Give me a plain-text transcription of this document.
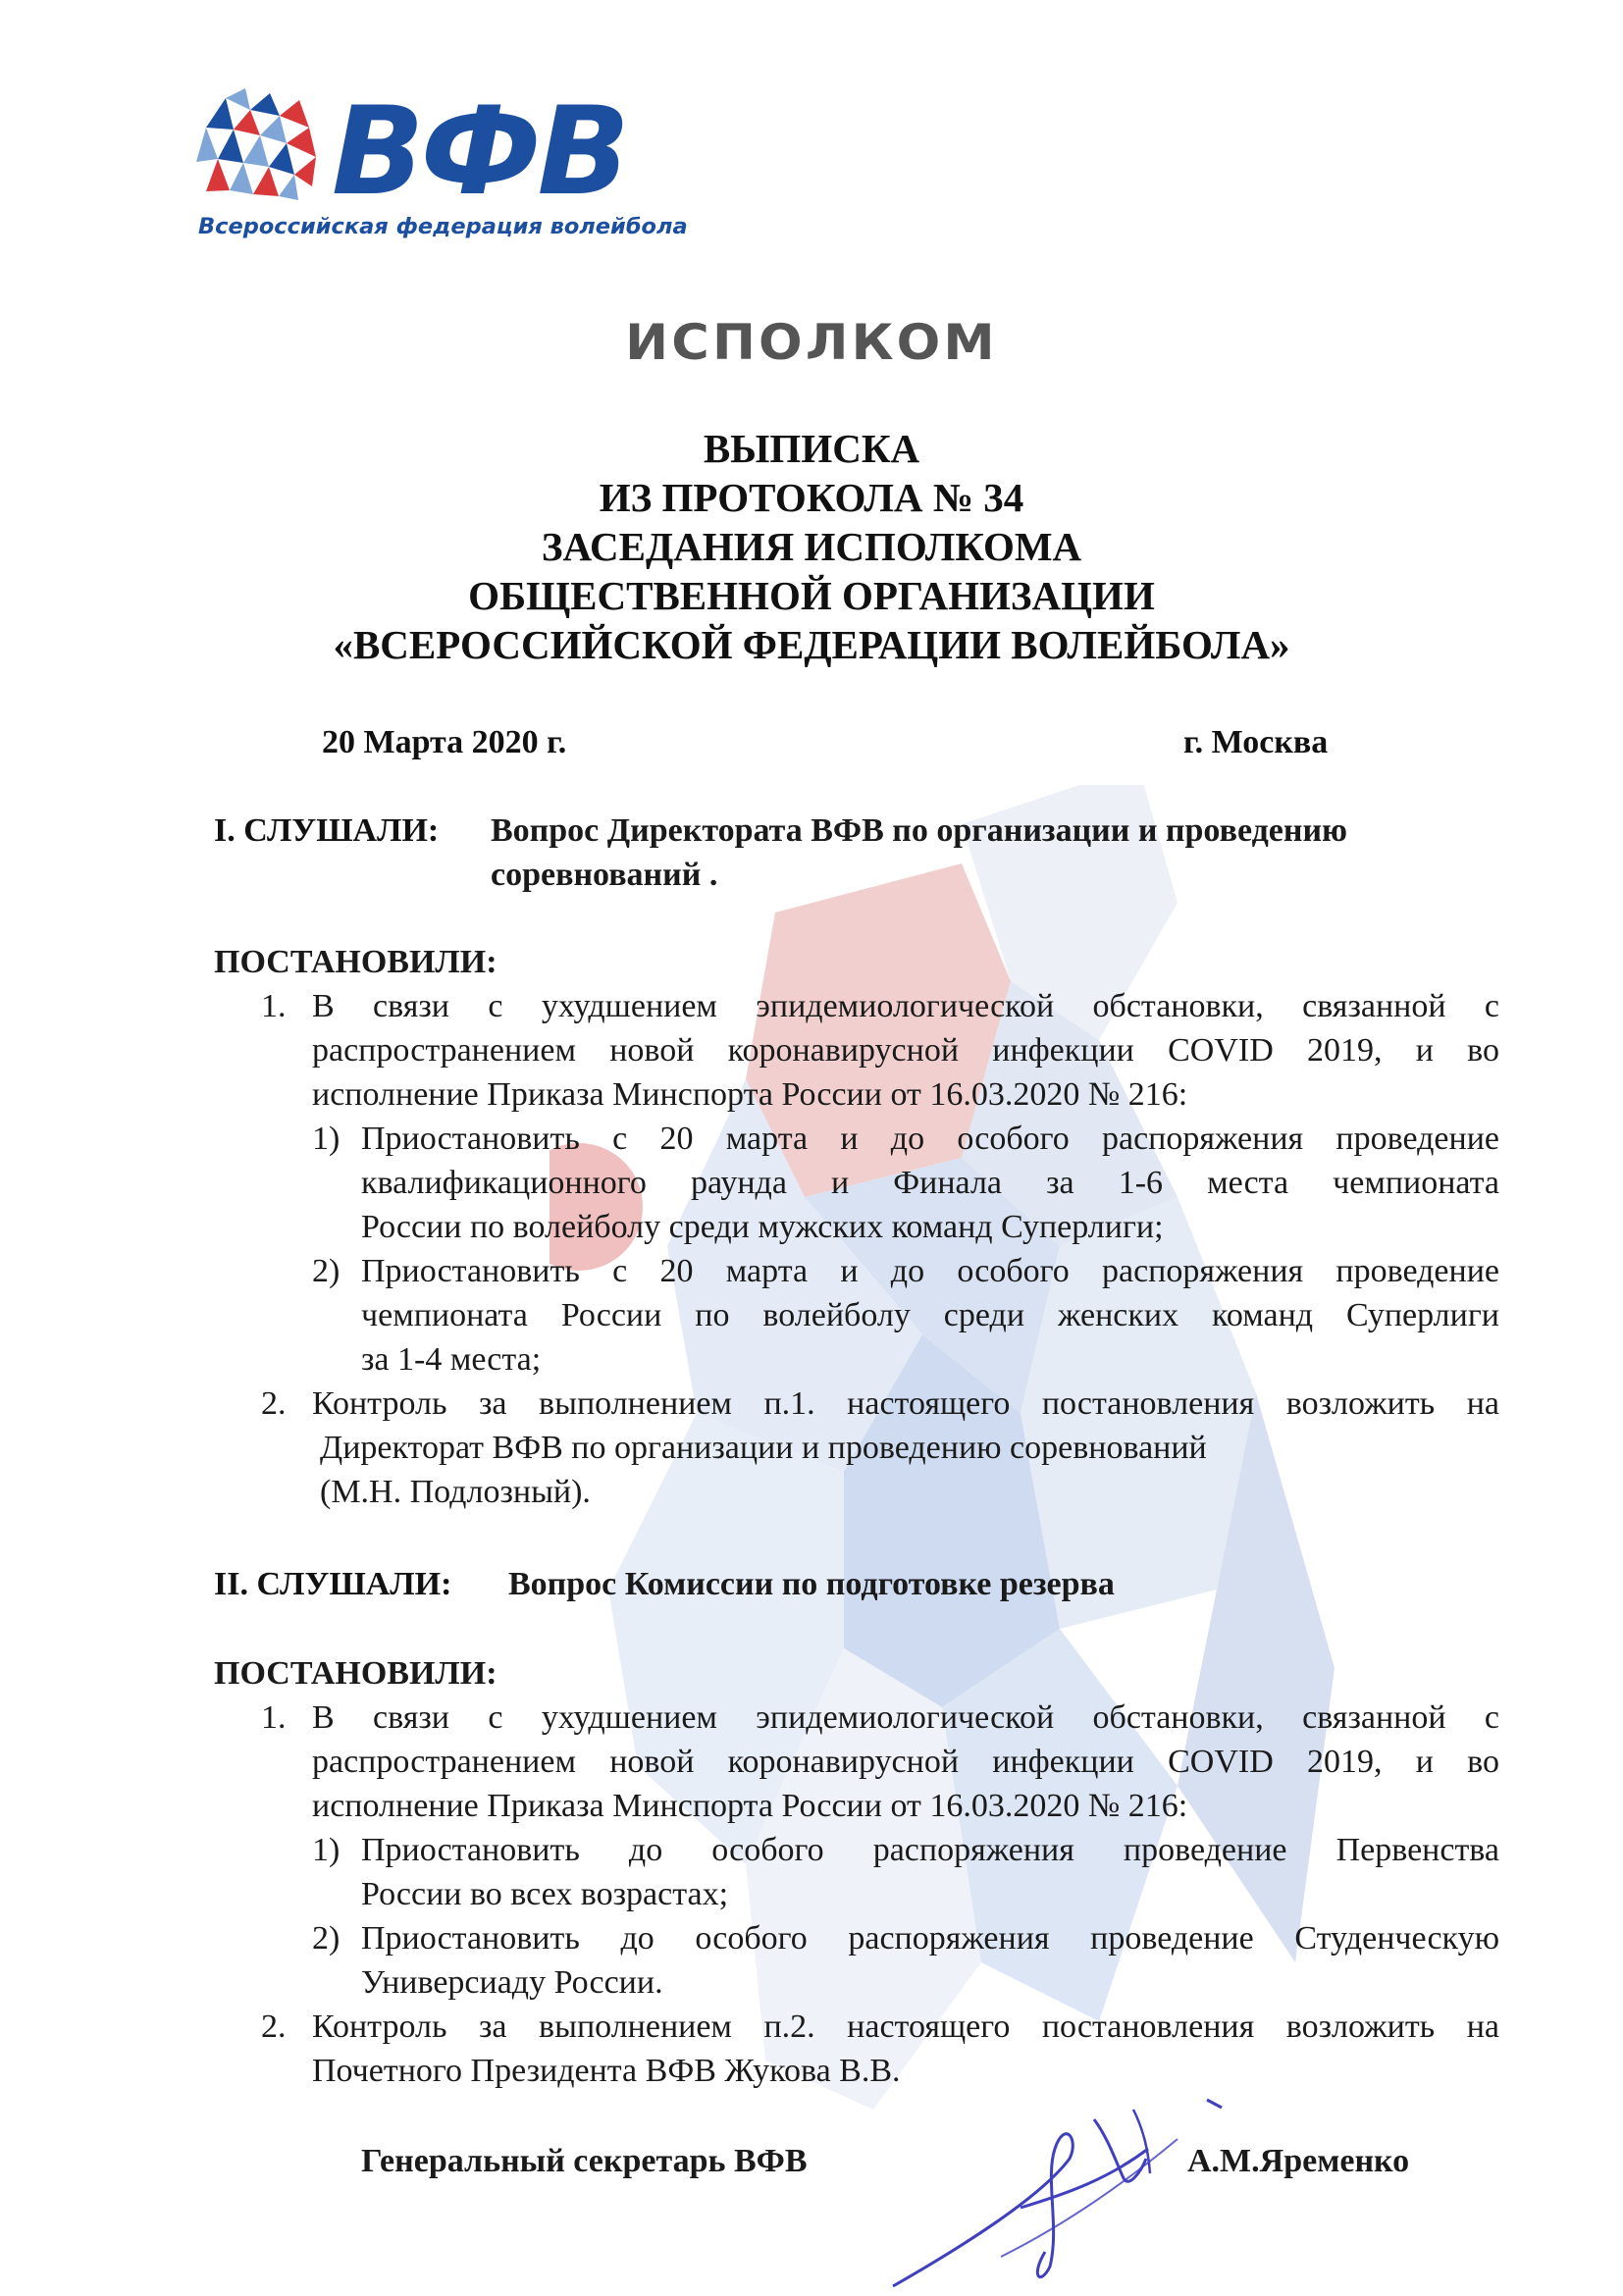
ВФВ
Всероссийская федерация волейбола
ИСПОЛКОМ
ВЫПИСКА
ИЗ ПРОТОКОЛА № 34
ЗАСЕДАНИЯ ИСПОЛКОМА
ОБЩЕСТВЕННОЙ ОРГАНИЗАЦИИ
«ВСЕРОССИЙСКОЙ ФЕДЕРАЦИИ ВОЛЕЙБОЛА»
20 Марта 2020 г.	г. Москва
I. СЛУШАЛИ: Вопрос Директората ВФВ по организации и проведению
соревнований .
ПОСТАНОВИЛИ:
1. В связи с ухудшением эпидемиологической обстановки, связанной с
распространением новой коронавирусной инфекции COVID 2019, и во
исполнение Приказа Минспорта России от 16.03.2020 № 216:
1) Приостановить с 20 марта и до особого распоряжения проведение
квалификационного раунда и Финала за 1-6 места чемпионата
России по волейболу среди мужских команд Суперлиги;
2) Приостановить с 20 марта и до особого распоряжения проведение
чемпионата России по волейболу среди женских команд Суперлиги
за 1-4 места;
2. Контроль за выполнением п.1. настоящего постановления возложить на
Директорат ВФВ по организации и проведению соревнований
(М.Н. Подлозный).
II. СЛУШАЛИ: Вопрос Комиссии по подготовке резерва
ПОСТАНОВИЛИ:
1. В связи с ухудшением эпидемиологической обстановки, связанной с
распространением новой коронавирусной инфекции COVID 2019, и во
исполнение Приказа Минспорта России от 16.03.2020 № 216:
1) Приостановить до особого распоряжения проведение Первенства
России во всех возрастах;
2) Приостановить до особого распоряжения проведение Студенческую
Универсиаду России.
2. Контроль за выполнением п.2. настоящего постановления возложить на
Почетного Президента ВФВ Жукова В.В.
Генеральный секретарь ВФВ	А.М.Яременко
